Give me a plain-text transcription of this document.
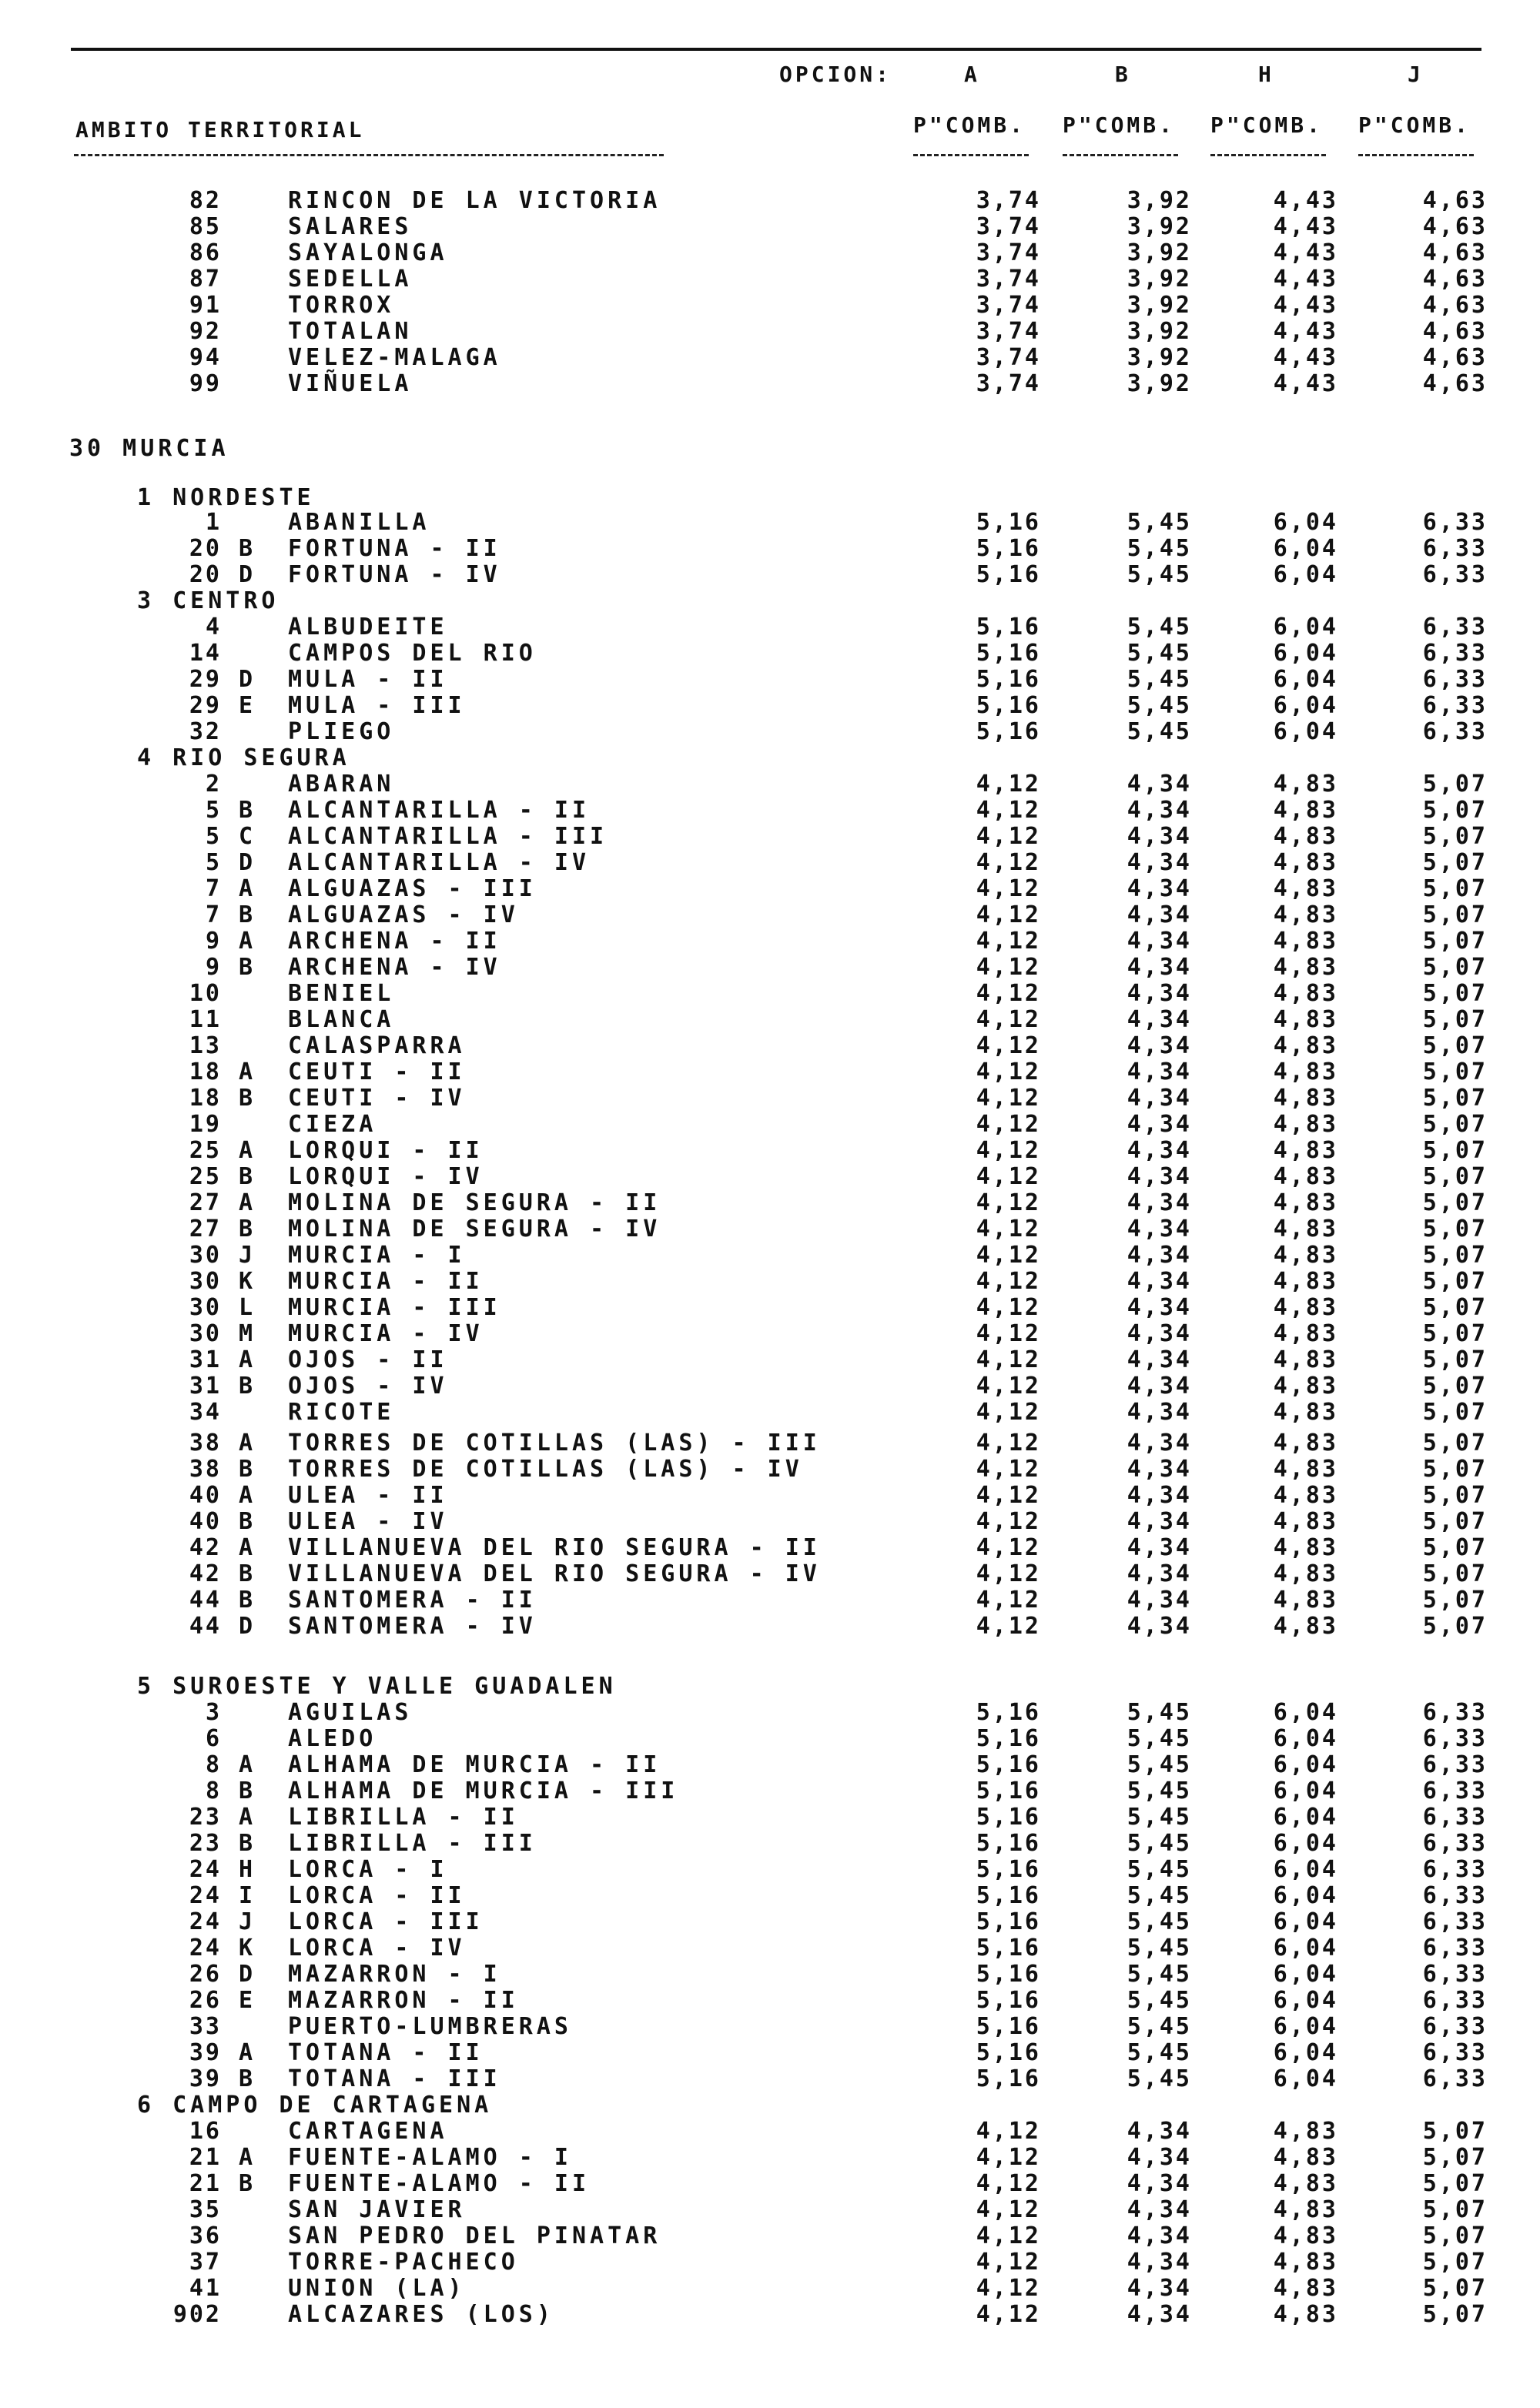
OPCION:	A	B	H	J
AMBITO TERRITORIAL	P"COMB. P"COMB. P"COMB. P"COMB.
82	RINCON DE LA VICTORIA	3,74	3,92	4,43	4,63
85	SALARES	3,74	3,92	4,43	4,63
86	SAYALONGA	3,74	3,92	4,43	4,63
87	SEDELLA	3,74	3,92	4,43	4,63
91	TORROX	3,74	3,92	4,43	4,63
92	TOTALAN	3,74	3,92	4,43	4,63
94	VELEZ-MALAGA	3,74	3,92	4,43	4,63
99	VIÑUELA	3,74	3,92	4,43	4,63
30 MURCIA
1 NORDESTE
1	ABANILLA	5,16	5,45	6,04	6,33
20 B FORTUNA - II	5,16	5,45	6,04	6,33
20 D FORTUNA - IV	5,16	5,45	6,04	6,33
3 CENTRO
4	ALBUDEITE	5,16	5,45	6,04	6,33
14	CAMPOS DEL RIO	5,16	5,45	6,04	6,33
29 D MULA - II	5,16	5,45	6,04	6,33
29 E MULA - III	5,16	5,45	6,04	6,33
32	PLIEGO	5,16	5,45	6,04	6,33
4 RIO SEGURA
2	ABARAN	4,12	4,34	4,83	5,07
5 B ALCANTARILLA - II	4,12	4,34	4,83	5,07
5 C ALCANTARILLA - III	4,12	4,34	4,83	5,07
5 D ALCANTARILLA - IV	4,12	4,34	4,83	5,07
7 A ALGUAZAS - III	4,12	4,34	4,83	5,07
7 B ALGUAZAS - IV	4,12	4,34	4,83	5,07
9 A ARCHENA - II	4,12	4,34	4,83	5,07
9 B ARCHENA - IV	4,12	4,34	4,83	5,07
10	BENIEL	4,12	4,34	4,83	5,07
11	BLANCA	4,12	4,34	4,83	5,07
13	CALASPARRA	4,12	4,34	4,83	5,07
18 A CEUTI - II	4,12	4,34	4,83	5,07
18 B CEUTI - IV	4,12	4,34	4,83	5,07
19	CIEZA	4,12	4,34	4,83	5,07
25 A LORQUI - II	4,12	4,34	4,83	5,07
25 B LORQUI - IV	4,12	4,34	4,83	5,07
27 A MOLINA DE SEGURA - II	4,12	4,34	4,83	5,07
27 B MOLINA DE SEGURA - IV	4,12	4,34	4,83	5,07
30 J MURCIA - I	4,12	4,34	4,83	5,07
30 K MURCIA - II	4,12	4,34	4,83	5,07
30 L MURCIA - III	4,12	4,34	4,83	5,07
30 M MURCIA - IV	4,12	4,34	4,83	5,07
31 A OJOS - II	4,12	4,34	4,83	5,07
31 B OJOS - IV	4,12	4,34	4,83	5,07
34	RICOTE	4,12	4,34	4,83	5,07
38 A TORRES DE COTILLAS (LAS) - III	4,12	4,34	4,83	5,07
38 B TORRES DE COTILLAS (LAS) - IV	4,12	4,34	4,83	5,07
40 A ULEA - II	4,12	4,34	4,83	5,07
40 B ULEA - IV	4,12	4,34	4,83	5,07
42 A VILLANUEVA DEL RIO SEGURA - II	4,12	4,34	4,83	5,07
42 B VILLANUEVA DEL RIO SEGURA - IV	4,12	4,34	4,83	5,07
44 B SANTOMERA - II	4,12	4,34	4,83	5,07
44 D SANTOMERA - IV	4,12	4,34	4,83	5,07
5 SUROESTE Y VALLE GUADALEN
3	AGUILAS	5,16	5,45	6,04	6,33
6	ALEDO	5,16	5,45	6,04	6,33
8 A ALHAMA DE MURCIA - II	5,16	5,45	6,04	6,33
8 B ALHAMA DE MURCIA - III	5,16	5,45	6,04	6,33
23 A LIBRILLA - II	5,16	5,45	6,04	6,33
23 B LIBRILLA - III	5,16	5,45	6,04	6,33
24 H LORCA - I	5,16	5,45	6,04	6,33
24 I LORCA - II	5,16	5,45	6,04	6,33
24 J LORCA - III	5,16	5,45	6,04	6,33
24 K LORCA - IV	5,16	5,45	6,04	6,33
26 D MAZARRON - I	5,16	5,45	6,04	6,33
26 E MAZARRON - II	5,16	5,45	6,04	6,33
33	PUERTO-LUMBRERAS	5,16	5,45	6,04	6,33
39 A TOTANA - II	5,16	5,45	6,04	6,33
39 B TOTANA - III	5,16	5,45	6,04	6,33
6 CAMPO DE CARTAGENA
16	CARTAGENA	4,12	4,34	4,83	5,07
21 A FUENTE-ALAMO - I	4,12	4,34	4,83	5,07
21 B FUENTE-ALAMO - II	4,12	4,34	4,83	5,07
35	SAN JAVIER	4,12	4,34	4,83	5,07
36	SAN PEDRO DEL PINATAR	4,12	4,34	4,83	5,07
37	TORRE-PACHECO	4,12	4,34	4,83	5,07
41	UNION (LA)	4,12	4,34	4,83	5,07
902	ALCAZARES (LOS)	4,12	4,34	4,83	5,07
